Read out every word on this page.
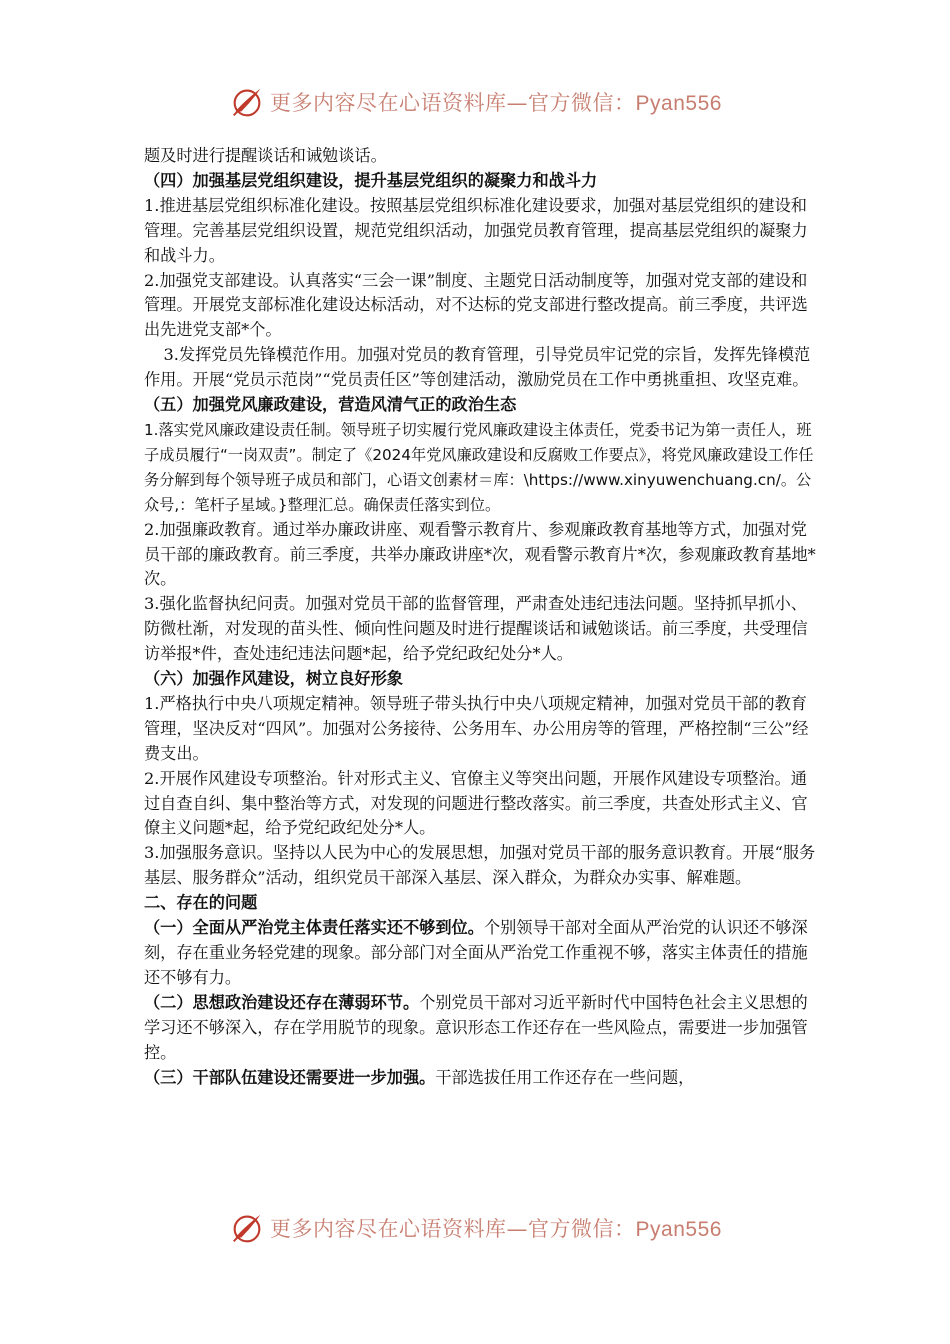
更多内容尽在心语资料库—官方微信：Pyan556

题及时进行提醒谈话和诫勉谈话。

（四）加强基层党组织建设，提升基层党组织的凝聚力和战斗力

1.推进基层党组织标准化建设。按照基层党组织标准化建设要求，加强对基层党组织的建设和管理。完善基层党组织设置，规范党组织活动，加强党员教育管理，提高基层党组织的凝聚力和战斗力。

2.加强党支部建设。认真落实“三会一课”制度、主题党日活动制度等，加强对党支部的建设和管理。开展党支部标准化建设达标活动，对不达标的党支部进行整改提高。前三季度，共评选出先进党支部*个。

3.发挥党员先锋模范作用。加强对党员的教育管理，引导党员牢记党的宗旨，发挥先锋模范作用。开展“党员示范岗”“党员责任区”等创建活动，激励党员在工作中勇挑重担、攻坚克难。

（五）加强党风廉政建设，营造风清气正的政治生态

1.落实党风廉政建设责任制。领导班子切实履行党风廉政建设主体责任，党委书记为第一责任人，班子成员履行“一岗双责”。制定了《2024年党风廉政建设和反腐败工作要点》，将党风廉政建设工作任务分解到每个领导班子成员和部门，心语文创素材＝库：\https://www.xinyuwenchuang.cn/。公众号,：笔杆子星域。}整理汇总。确保责任落实到位。

2.加强廉政教育。通过举办廉政讲座、观看警示教育片、参观廉政教育基地等方式，加强对党员干部的廉政教育。前三季度，共举办廉政讲座*次，观看警示教育片*次，参观廉政教育基地*次。

3.强化监督执纪问责。加强对党员干部的监督管理，严肃查处违纪违法问题。坚持抓早抓小、防微杜渐，对发现的苗头性、倾向性问题及时进行提醒谈话和诫勉谈话。前三季度，共受理信访举报*件，查处违纪违法问题*起，给予党纪政纪处分*人。

（六）加强作风建设，树立良好形象

1.严格执行中央八项规定精神。领导班子带头执行中央八项规定精神，加强对党员干部的教育管理，坚决反对“四风”。加强对公务接待、公务用车、办公用房等的管理，严格控制“三公”经费支出。

2.开展作风建设专项整治。针对形式主义、官僚主义等突出问题，开展作风建设专项整治。通过自查自纠、集中整治等方式，对发现的问题进行整改落实。前三季度，共查处形式主义、官僚主义问题*起，给予党纪政纪处分*人。

3.加强服务意识。坚持以人民为中心的发展思想，加强对党员干部的服务意识教育。开展“服务基层、服务群众”活动，组织党员干部深入基层、深入群众，为群众办实事、解难题。

二、存在的问题

（一）全面从严治党主体责任落实还不够到位。个别领导干部对全面从严治党的认识还不够深刻，存在重业务轻党建的现象。部分部门对全面从严治党工作重视不够，落实主体责任的措施还不够有力。

（二）思想政治建设还存在薄弱环节。个别党员干部对习近平新时代中国特色社会主义思想的学习还不够深入，存在学用脱节的现象。意识形态工作还存在一些风险点，需要进一步加强管控。

（三）干部队伍建设还需要进一步加强。干部选拔任用工作还存在一些问题，

更多内容尽在心语资料库—官方微信：Pyan556
